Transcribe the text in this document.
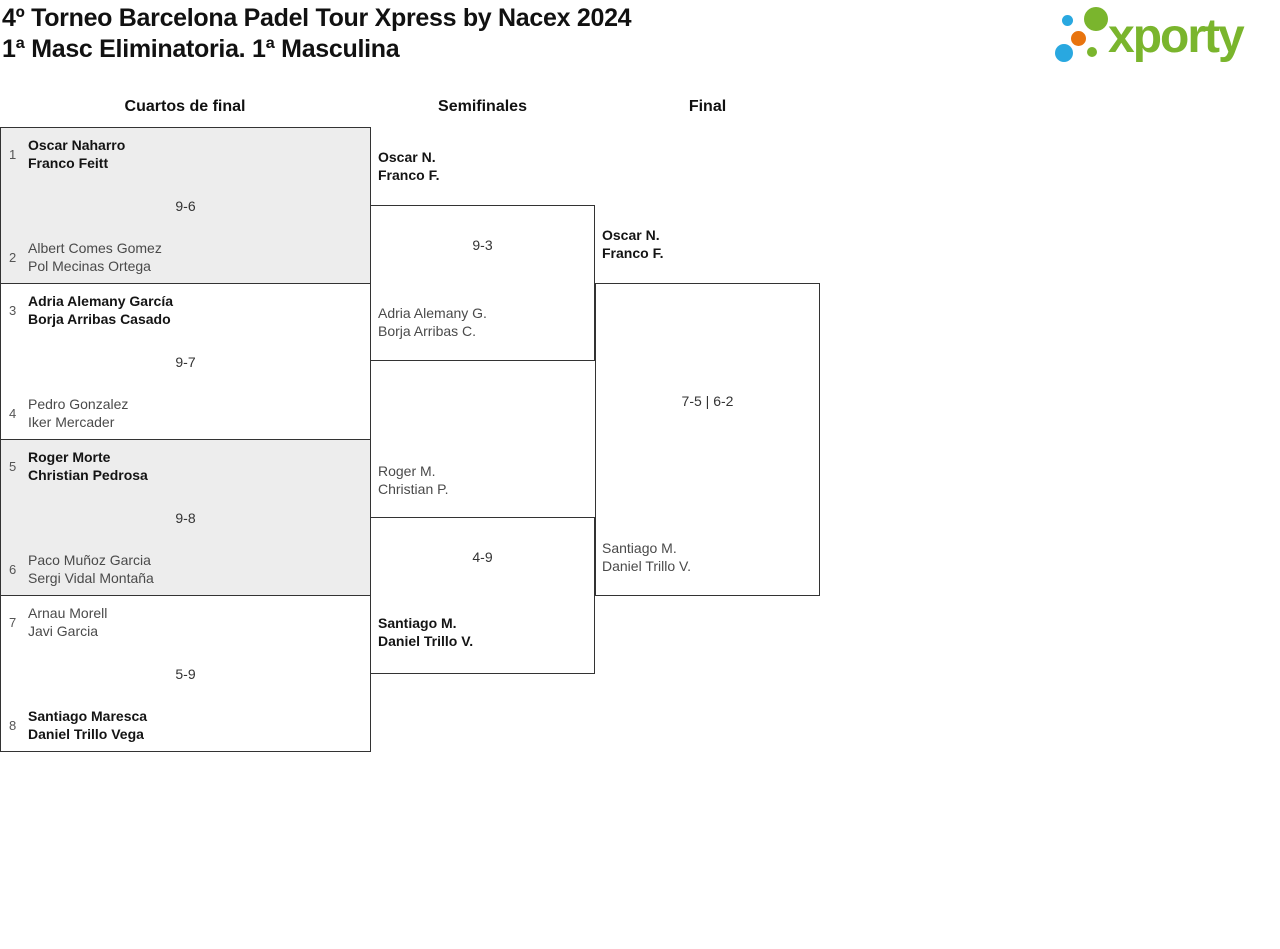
4º Torneo Barcelona Padel Tour Xpress by Nacex 2024
1ª Masc Eliminatoria. 1ª Masculina	xporty
Cuartos de final	Semifinales	Final
1
Oscar Naharro
Franco Feitt
9-6
2
Albert Comes Gomez
Pol Mecinas Ortega
3
Adria Alemany García
Borja Arribas Casado
9-7
4
Pedro Gonzalez
Iker Mercader
5
Roger Morte
Christian Pedrosa
9-8
6
Paco Muñoz Garcia
Sergi Vidal Montaña
7
Arnau Morell
Javi Garcia
5-9
8
Santiago Maresca
Daniel Trillo Vega
9-3
4-9
7-5 | 6-2
Oscar N.
Franco F.
Adria Alemany G.
Borja Arribas C.
Roger M.
Christian P.
Santiago M.
Daniel Trillo V.
Oscar N.
Franco F.
Santiago M.
Daniel Trillo V.
